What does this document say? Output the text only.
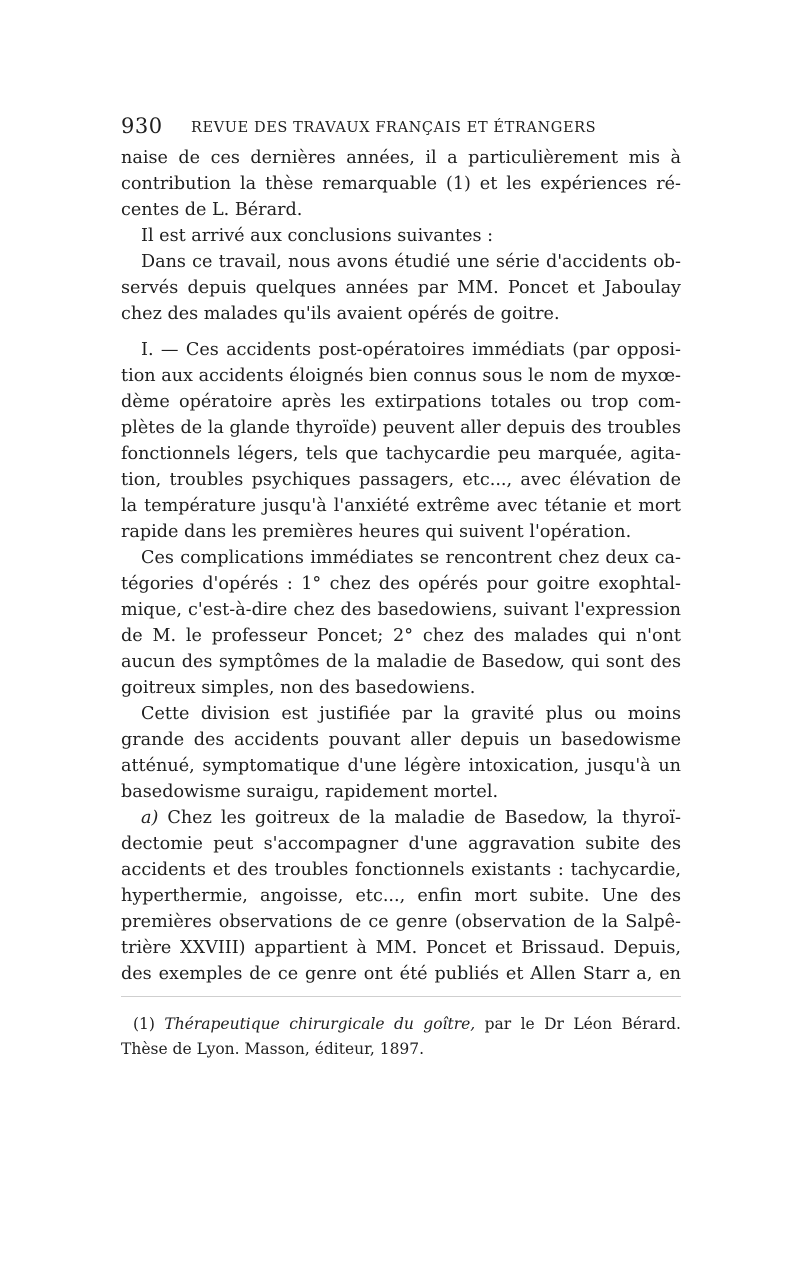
930 REVUE DES TRAVAUX FRANÇAIS ET ÉTRANGERS
naise de ces dernières années, il a particulièrement mis à
contribution la thèse remarquable (1) et les expériences ré-
centes de L. Bérard.
Il est arrivé aux conclusions suivantes :
Dans ce travail, nous avons étudié une série d'accidents ob-
servés depuis quelques années par MM. Poncet et Jaboulay
chez des malades qu'ils avaient opérés de goitre.
I. — Ces accidents post-opératoires immédiats (par opposi-
tion aux accidents éloignés bien connus sous le nom de myxœ-
dème opératoire après les extirpations totales ou trop com-
plètes de la glande thyroïde) peuvent aller depuis des troubles
fonctionnels légers, tels que tachycardie peu marquée, agita-
tion, troubles psychiques passagers, etc..., avec élévation de
la température jusqu'à l'anxiété extrême avec tétanie et mort
rapide dans les premières heures qui suivent l'opération.
Ces complications immédiates se rencontrent chez deux ca-
tégories d'opérés : 1° chez des opérés pour goitre exophtal-
mique, c'est-à-dire chez des basedowiens, suivant l'expression
de M. le professeur Poncet; 2° chez des malades qui n'ont
aucun des symptômes de la maladie de Basedow, qui sont des
goitreux simples, non des basedowiens.
Cette division est justifiée par la gravité plus ou moins
grande des accidents pouvant aller depuis un basedowisme
atténué, symptomatique d'une légère intoxication, jusqu'à un
basedowisme suraigu, rapidement mortel.
a) Chez les goitreux de la maladie de Basedow, la thyroï-
dectomie peut s'accompagner d'une aggravation subite des
accidents et des troubles fonctionnels existants : tachycardie,
hyperthermie, angoisse, etc..., enfin mort subite. Une des
premières observations de ce genre (observation de la Salpê-
trière XXVIII) appartient à MM. Poncet et Brissaud. Depuis,
des exemples de ce genre ont été publiés et Allen Starr a, en
(1) Thérapeutique chirurgicale du goître, par le Dr Léon Bérard.
Thèse de Lyon. Masson, éditeur, 1897.
